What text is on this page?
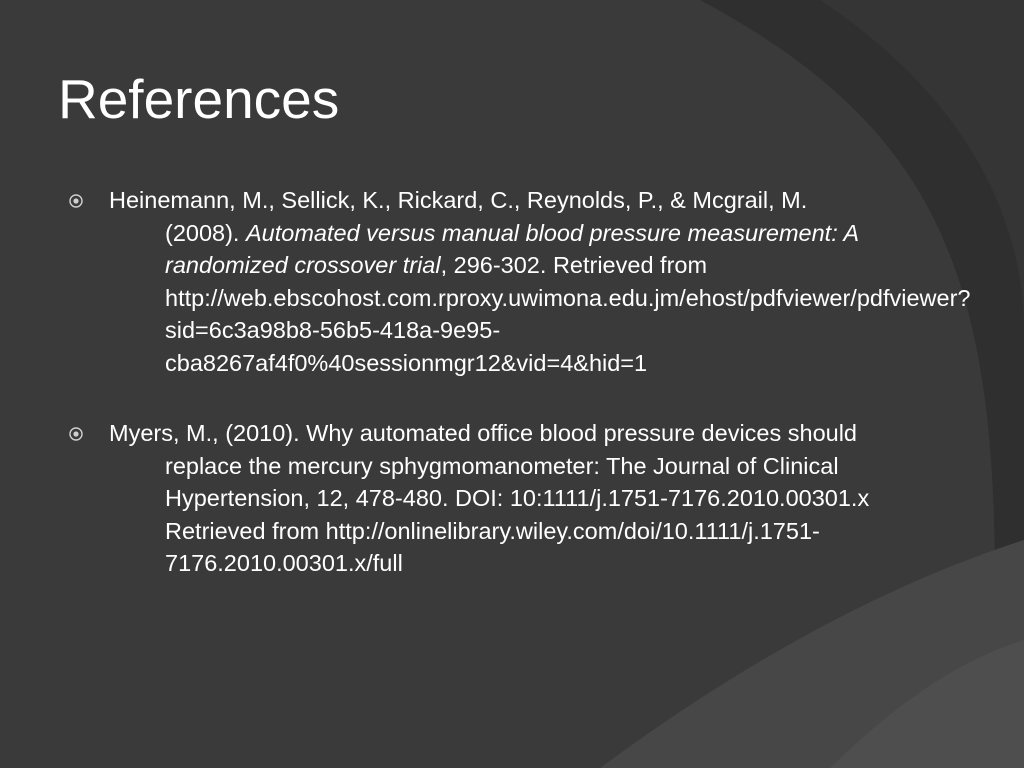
References
Heinemann, M., Sellick, K., Rickard, C., Reynolds, P., & Mcgrail, M. (2008). Automated versus manual blood pressure measurement: A randomized crossover trial, 296-302. Retrieved from http://web.ebscohost.com.rproxy.uwimona.edu.jm/ehost/pdfviewer/pdfviewer?sid=6c3a98b8-56b5-418a-9e95-cba8267af4f0%40sessionmgr12&vid=4&hid=1
Myers, M., (2010). Why automated office blood pressure devices should replace the mercury sphygmomanometer: The Journal of Clinical Hypertension, 12, 478-480. DOI: 10:1111/j.1751-7176.2010.00301.x Retrieved from http://onlinelibrary.wiley.com/doi/10.1111/j.1751-7176.2010.00301.x/full
